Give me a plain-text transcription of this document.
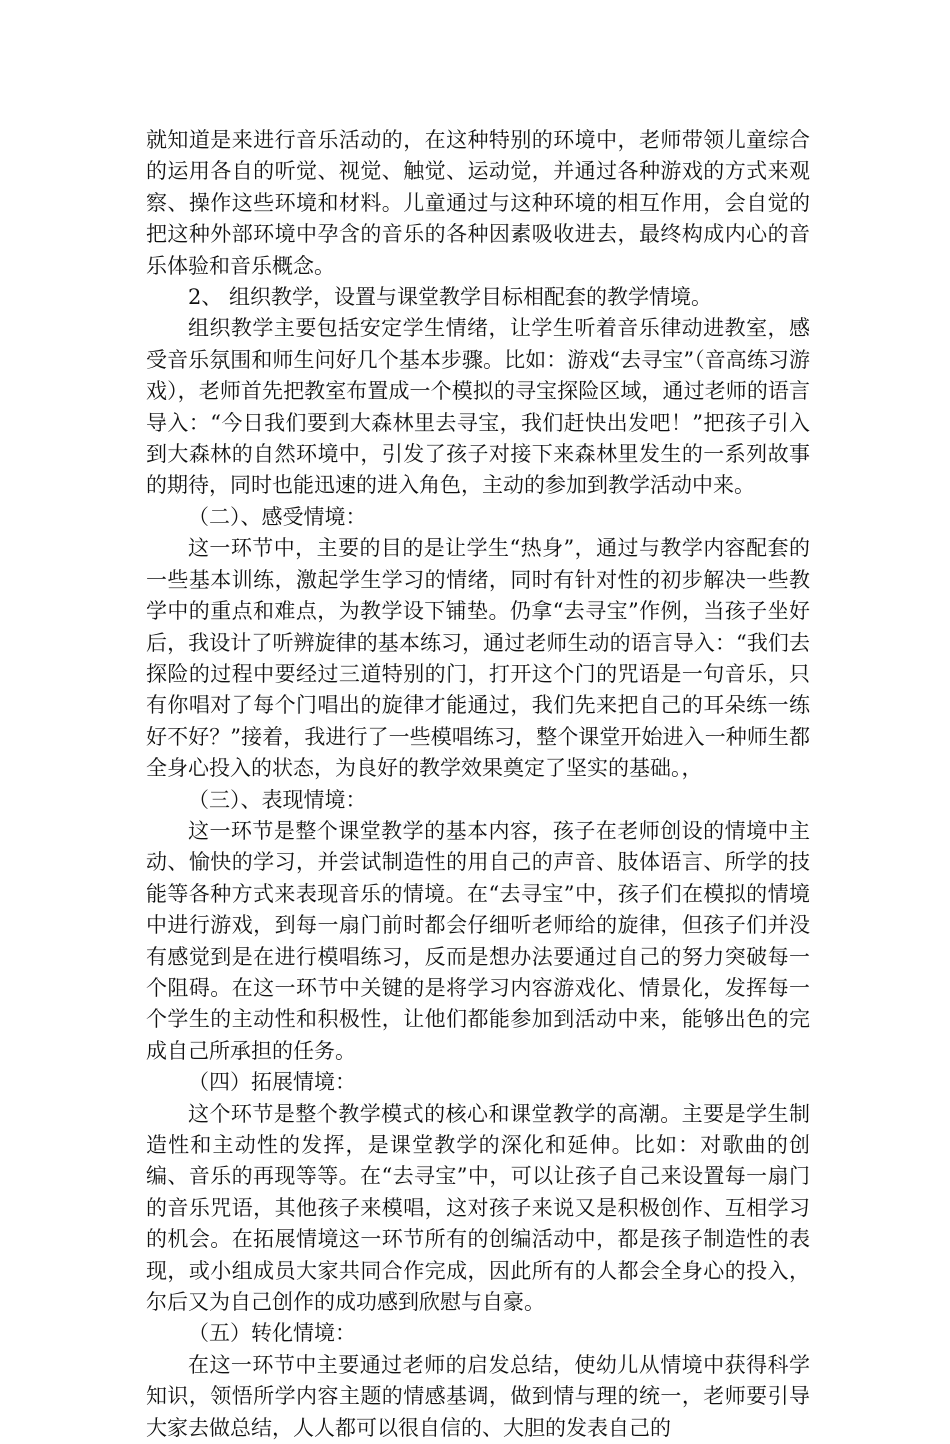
就知道是来进行音乐活动的，在这种特别的环境中，老师带领儿童综合的运用各自的听觉、视觉、触觉、运动觉，并通过各种游戏的方式来观察、操作这些环境和材料。儿童通过与这种环境的相互作用，会自觉的把这种外部环境中孕含的音乐的各种因素吸收进去，最终构成内心的音乐体验和音乐概念。

2、 组织教学，设置与课堂教学目标相配套的教学情境。

组织教学主要包括安定学生情绪，让学生听着音乐律动进教室，感受音乐氛围和师生问好几个基本步骤。比如：游戏“去寻宝”（音高练习游戏），老师首先把教室布置成一个模拟的寻宝探险区域，通过老师的语言导入：“今日我们要到大森林里去寻宝，我们赶快出发吧！”把孩子引入到大森林的自然环境中，引发了孩子对接下来森林里发生的一系列故事的期待，同时也能迅速的进入角色，主动的参加到教学活动中来。

（二）、感受情境：

这一环节中，主要的目的是让学生“热身”，通过与教学内容配套的一些基本训练，激起学生学习的情绪，同时有针对性的初步解决一些教学中的重点和难点，为教学设下铺垫。仍拿“去寻宝”作例，当孩子坐好后，我设计了听辨旋律的基本练习，通过老师生动的语言导入：“我们去探险的过程中要经过三道特别的门，打开这个门的咒语是一句音乐，只有你唱对了每个门唱出的旋律才能通过，我们先来把自己的耳朵练一练好不好？”接着，我进行了一些模唱练习，整个课堂开始进入一种师生都全身心投入的状态，为良好的教学效果奠定了坚实的基础。，

（三）、表现情境：

这一环节是整个课堂教学的基本内容，孩子在老师创设的情境中主动、愉快的学习，并尝试制造性的用自己的声音、肢体语言、所学的技能等各种方式来表现音乐的情境。在“去寻宝”中，孩子们在模拟的情境中进行游戏，到每一扇门前时都会仔细听老师给的旋律，但孩子们并没有感觉到是在进行模唱练习，反而是想办法要通过自己的努力突破每一个阻碍。在这一环节中关键的是将学习内容游戏化、情景化，发挥每一个学生的主动性和积极性，让他们都能参加到活动中来，能够出色的完成自己所承担的任务。

（四）拓展情境：

这个环节是整个教学模式的核心和课堂教学的高潮。主要是学生制造性和主动性的发挥，是课堂教学的深化和延伸。比如：对歌曲的创编、音乐的再现等等。在“去寻宝”中，可以让孩子自己来设置每一扇门的音乐咒语，其他孩子来模唱，这对孩子来说又是积极创作、互相学习的机会。在拓展情境这一环节所有的创编活动中，都是孩子制造性的表现，或小组成员大家共同合作完成，因此所有的人都会全身心的投入，尔后又为自己创作的成功感到欣慰与自豪。

（五）转化情境：

在这一环节中主要通过老师的启发总结，使幼儿从情境中获得科学知识，领悟所学内容主题的情感基调，做到情与理的统一，老师要引导大家去做总结，人人都可以很自信的、大胆的发表自己的
